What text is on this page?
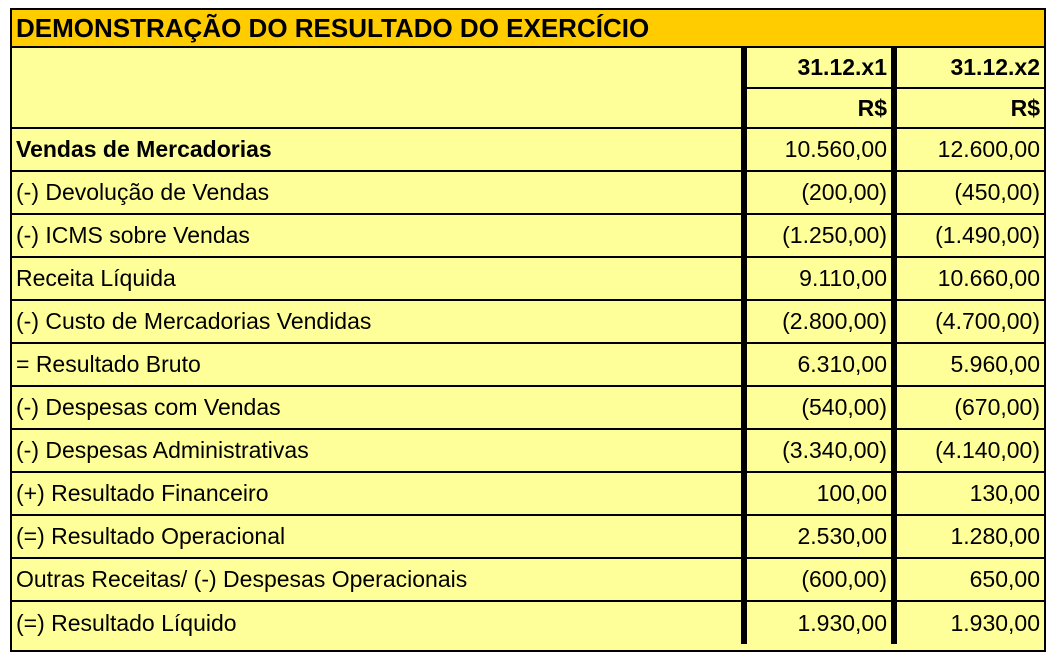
DEMONSTRAÇÃO DO RESULTADO DO EXERCÍCIO
	31.12.x1	31.12.x2
	R$	R$
Vendas de Mercadorias	10.560,00	12.600,00
(-) Devolução de Vendas	(200,00)	(450,00)
(-) ICMS sobre Vendas	(1.250,00)	(1.490,00)
Receita Líquida	9.110,00	10.660,00
(-) Custo de Mercadorias Vendidas	(2.800,00)	(4.700,00)
= Resultado Bruto	6.310,00	5.960,00
(-) Despesas com Vendas	(540,00)	(670,00)
(-) Despesas Administrativas	(3.340,00)	(4.140,00)
(+) Resultado Financeiro	100,00	130,00
(=) Resultado Operacional	2.530,00	1.280,00
Outras Receitas/ (-) Despesas Operacionais	(600,00)	650,00
(=) Resultado Líquido	1.930,00	1.930,00
